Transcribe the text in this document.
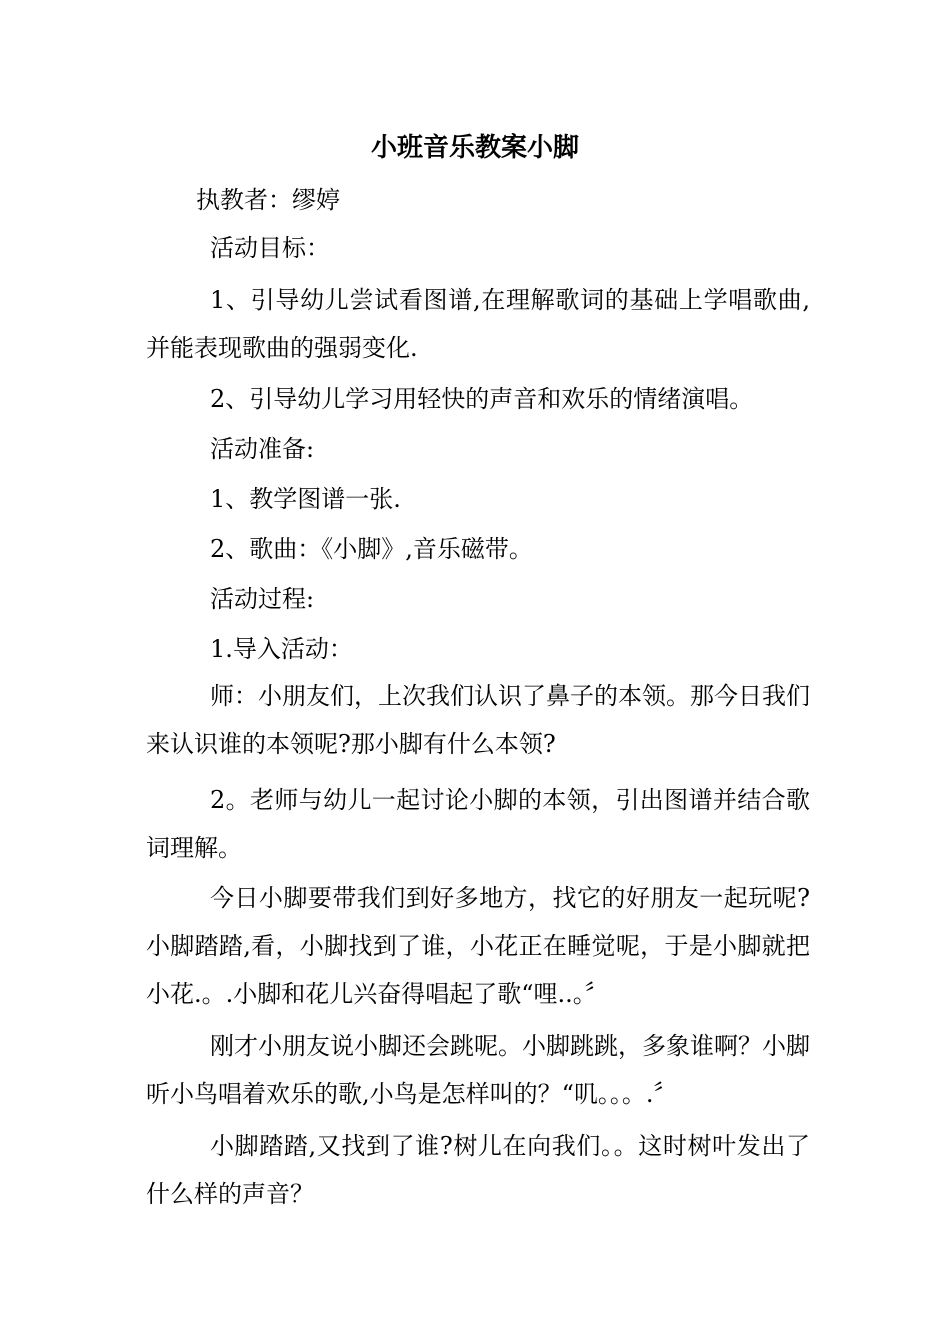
小班音乐教案小脚

执教者：缪婷

活动目标：

1、引导幼儿尝试看图谱,在理解歌词的基础上学唱歌曲,并能表现歌曲的强弱变化.

2、引导幼儿学习用轻快的声音和欢乐的情绪演唱。

活动准备:

1、教学图谱一张.

2、歌曲：《小脚》,音乐磁带。

活动过程:

1.导入活动：

师：小朋友们，上次我们认识了鼻子的本领。那今日我们来认识谁的本领呢?那小脚有什么本领?

2。老师与幼儿一起讨论小脚的本领，引出图谱并结合歌词理解。

今日小脚要带我们到好多地方，找它的好朋友一起玩呢?小脚踏踏,看，小脚找到了谁，小花正在睡觉呢，于是小脚就把小花.。.小脚和花儿兴奋得唱起了歌“哩..。〞

刚才小朋友说小脚还会跳呢。小脚跳跳，多象谁啊？小脚听小鸟唱着欢乐的歌,小鸟是怎样叫的？“叽。。。.〞

小脚踏踏,又找到了谁?树儿在向我们。。这时树叶发出了什么样的声音？
